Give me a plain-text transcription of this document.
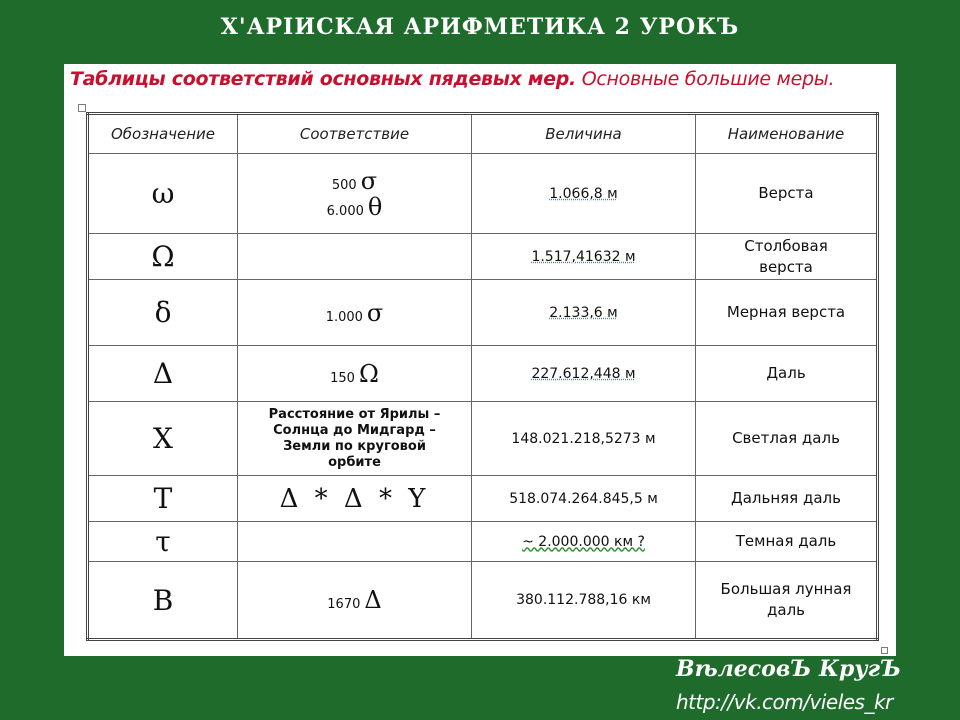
Х'АРIИСКАЯ АРИФМЕТИКА 2 УРОКЪ
Таблицы соответствий основных пядевых мер. Основные большие меры.
Обозначение	Соответствие	Величина	Наименование
ω	500 σ
6.000 θ	1.066,8 м	Верста

Ω		1.517,41632 м	Столбовая
верста

δ	1.000 σ	2.133,6 м	Мерная верста

Δ	150 Ω	227.612,448 м	Даль

X	Расстояние от Ярилы –
Солнца до Мидгард –
Земли по круговой
орбите	148.021.218,5273 м	Светлая даль

T	Δ * Δ * Y	518.074.264.845,5 м	Дальняя даль

τ		~ 2.000.000 км ?	Темная даль

B	1670 Δ	380.112.788,16 км	Большая лунная
даль
ВѣлесовЪ КругЪ
http://vk.com/vieles_kr
